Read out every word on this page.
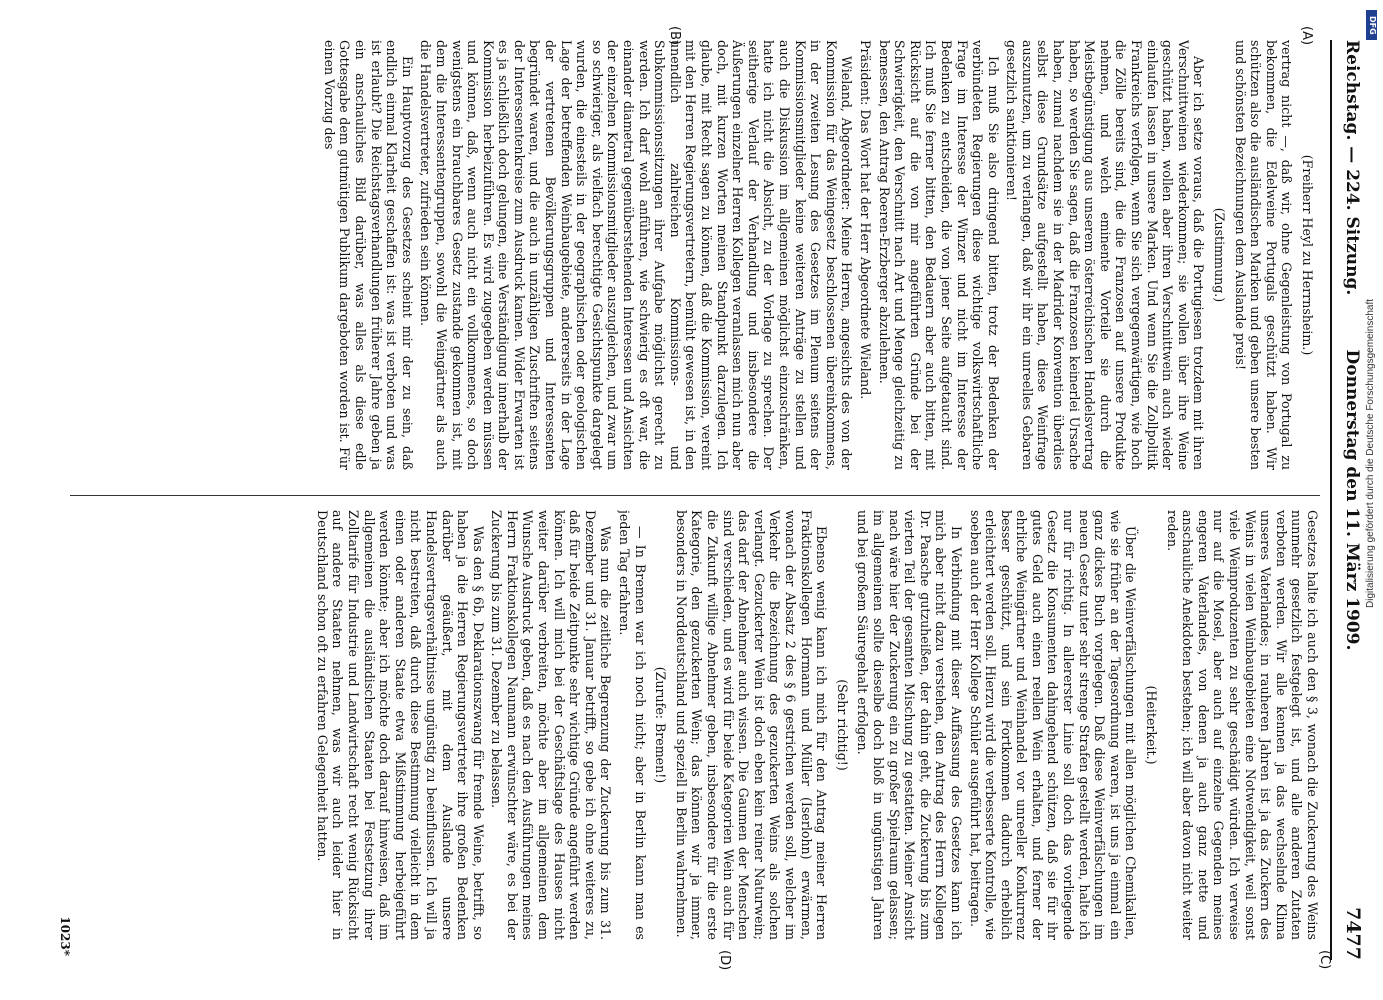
Reichstag. — 224. Sitzung.
Donnerstag den 11. März 1909.
7477
(A)
(B)
(C)
(D)

(Freiherr Heyl zu Herrnsheim.)

vertrag nicht —, daß wir, ohne Gegenleistung von Portugal zu bekommen, die Edelweine Portugals geschützt haben. Wir schützen also die ausländischen Marken und geben unsere besten und schönsten Bezeichnungen dem Auslande preis!

(Zustimmung.)

Aber ich setze voraus, daß die Portugiesen trotzdem mit ihren Verschnittweinen wiederkommen; sie wollen über ihre Weine geschützt haben, wollen aber ihren Verschnittwein auch wieder einlaufen lassen in unsere Marken. Und wenn Sie die Zollpolitik Frankreichs verfolgen, wenn Sie sich vergegenwärtigen, wie hoch die Zölle bereits sind, die die Franzosen auf unsere Produkte nehmen, und welch eminente Vorteile sie durch die Meistbegünstigung aus unserem österreichischen Handelsvertrag haben, so werden Sie sagen, daß die Franzosen keinerlei Ursache haben, zumal nachdem sie in der Madrider Konvention überdies selbst diese Grundsätze aufgestellt haben, diese Weinfrage auszunutzen, um zu verlangen, daß wir ihr ein unreelles Gebaren gesetzlich sanktionieren!

Ich muß Sie also dringend bitten, trotz der Bedenken der verbündeten Regierungen diese wichtige volkswirtschaftliche Frage im Interesse der Winzer und nicht im Interesse der Bedenken zu entscheiden, die von jener Seite aufgetaucht sind. Ich muß Sie ferner bitten, den Bedauern aber auch bitten, mit Rücksicht auf die von mir angeführten Gründe bei der Schwierigkeit, den Verschnitt nach Art und Menge gleichzeitig zu bemessen, den Antrag Roeren-Erzberger abzulehnen.

Präsident: Das Wort hat der Herr Abgeordnete Wieland.

Wieland, Abgeordneter: Meine Herren, angesichts des von der Kommission für das Weingesetz beschlossenen übereinkommens, in der zweiten Lesung des Gesetzes im Plenum seitens der Kommissionsmitglieder keine weiteren Anträge zu stellen und auch die Diskussion im allgemeinen möglichst einzuschränken, hatte ich nicht die Absicht, zu der Vorlage zu sprechen. Der seitherige Verlauf der Verhandlung und insbesondere die Äußerungen einzelner Herren Kollegen veranlassen mich nun aber doch, mit kurzen Worten meinen Standpunkt darzulegen. Ich glaube, mit Recht sagen zu können, daß die Kommission, vereint mit den Herren Regierungsvertretern, bemüht gewesen ist, in den unendlich zahlreichen Kommissions- und Subkommissionssitzungen ihrer Aufgabe möglichst gerecht zu werden. Ich darf wohl anführen, wie schwierig es oft war, die einander diametral gegenüberstehenden Interessen und Ansichten der einzelnen Kommissionsmitglieder auszugleichen, und zwar um so schwieriger, als vielfach berechtigte Gesichtspunkte dargelegt wurden, die einesteils in der geographischen oder geologischen Lage der betreffenden Weinbaugebiete, andererseits in der Lage der vertretenen Bevölkerungsgruppen und Interessenten begründet waren, und die auch in unzähligen Zuschriften seitens der Interessentenkreise zum Ausdruck kamen. Wider Erwarten ist es ja schließlich doch gelungen, eine Verständigung innerhalb der Kommission herbeizuführen. Es wird zugegeben werden müssen und können, daß, wenn auch nicht ein vollkommenes, so doch wenigstens ein brauchbares Gesetz zustande gekommen ist, mit dem die Interessentengruppen, sowohl die Weingärtner als auch die Handelsvertreter, zufrieden sein können.

Ein Hauptvorzug des Gesetzes scheint mir der zu sein, daß endlich einmal Klarheit geschaffen ist: was ist verboten und was ist erlaubt? Die Reichstagsverhandlungen früherer Jahre geben ja ein anschauliches Bild darüber, was alles als diese edle Gottesgabe dem gutmütigen Publikum dargeboten worden ist. Für einen Vorzug des

Gesetzes halte ich auch den § 3, wonach die Zuckerung des Weins nunmehr gesetzlich festgelegt ist, und alle anderen Zutaten verboten werden. Wir alle kennen ja das wechselnde Klima unseres Vaterlandes; in rauheren Jahren ist ja das Zuckern des Weins in vielen Weinbaugebieten eine Notwendigkeit, weil sonst viele Weinproduzenten zu sehr geschädigt würden. Ich verweise nur auf die Mosel, aber auch auf einzelne Gegenden meines engeren Vaterlandes, von denen ja auch ganz nette und anschauliche Anekdoten bestehen; ich will aber davon nicht weiter reden.

(Heiterkeit.)

Über die Weinverfälschungen mit allen möglichen Chemikalien, wie sie früher an der Tagesordnung waren, ist uns ja einmal ein ganz dickes Buch vorgelegen. Daß diese Weinverfälschungen im neuen Gesetz unter sehr strenge Strafen gestellt werden, halte ich nur für richtig. In allererster Linie soll doch das vorliegende Gesetz die Konsumenten dahingehend schützen, daß sie für ihr gutes Geld auch einen reellen Wein erhalten, und ferner der ehrliche Weingärtner und Weinhandel vor unreeller Konkurrenz besser geschützt, und sein Fortkommen dadurch erheblich erleichtert werden soll. Hierzu wird die verbesserte Kontrolle, wie soeben auch der Herr Kollege Schüler ausgeführt hat, beitragen.

In Verbindung mit dieser Auffassung des Gesetzes kann ich mich aber nicht dazu verstehen, den Antrag des Herrn Kollegen Dr. Paasche gutzuheißen, der dahin geht, die Zuckerung bis zum vierten Teil der gesamten Mischung zu gestatten. Meiner Ansicht nach wäre hier der Zuckerung ein zu großer Spielraum gelassen; im allgemeinen sollte dieselbe doch bloß in ungünstigen Jahren und bei großem Säuregehalt erfolgen.

(Sehr richtig!)

Ebenso wenig kann ich mich für den Antrag meiner Herren Fraktionskollegen Hormann und Müller (Iserlohn) erwärmen, wonach der Absatz 2 des § 6 gestrichen werden soll, welcher im Verkehr die Bezeichnung des gezuckerten Weins als solchen verlangt. Gezuckerter Wein ist doch eben kein reiner Naturwein; das darf der Abnehmer auch wissen. Die Gaumen der Menschen sind verschieden, und es wird für beide Kategorien Wein auch für die Zukunft willige Abnehmer geben, insbesondere für die erste Kategorie, den gezuckerten Wein; das können wir ja immer, besonders in Norddeutschland und speziell in Berlin wahrnehmen.

(Zurufe: Bremen!)

— In Bremen war ich noch nicht; aber in Berlin kann man es jeden Tag erfahren.

Was nun die zeitliche Begrenzung der Zuckerung bis zum 31. Dezember und 31. Januar betrifft, so gebe ich ohne weiteres zu, daß für beide Zeitpunkte sehr wichtige Gründe angeführt werden können. Ich will mich bei der Geschäftslage des Hauses nicht weiter darüber verbreiten, möchte aber im allgemeinen dem Wunsche Ausdruck geben, daß es nach den Ausführungen meines Herrn Fraktionskollegen Naumann erwünschter wäre, es bei der Zuckerung bis zum 31. Dezember zu belassen.

Was den § 6b, Deklarationszwang für fremde Weine, betrifft, so haben ja die Herren Regierungsvertreter ihre großen Bedenken darüber geäußert, mit dem Auslande unsere Handelsvertragsverhältnisse ungünstig zu beeinflussen. Ich will ja nicht bestreiten, daß durch diese Bestimmung vielleicht in dem einen oder anderen Staate etwa Mißstimmung herbeigeführt werden könnte; aber ich möchte doch darauf hinweisen, daß im allgemeinen die ausländischen Staaten bei Festsetzung ihrer Zolltarife für Industrie und Landwirtschaft recht wenig Rücksicht auf andere Staaten nehmen, was wir auch leider hier in Deutschland schon oft zu erfahren Gelegenheit hatten.

1023*
DFG
Digitalisierung gefördert durch die Deutsche Forschungsgemeinschaft
